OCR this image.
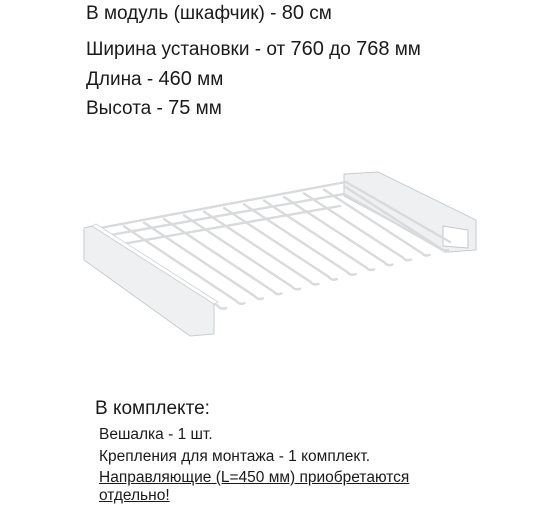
В модуль (шкафчик) - 80 см
Ширина установки - от 760 до 768 мм
Длина - 460 мм
Высота - 75 мм
В комплекте:
Вешалка - 1 шт.
Крепления для монтажа - 1 комплект.
Направляющие (L=450 мм) приобретаются
отдельно!
